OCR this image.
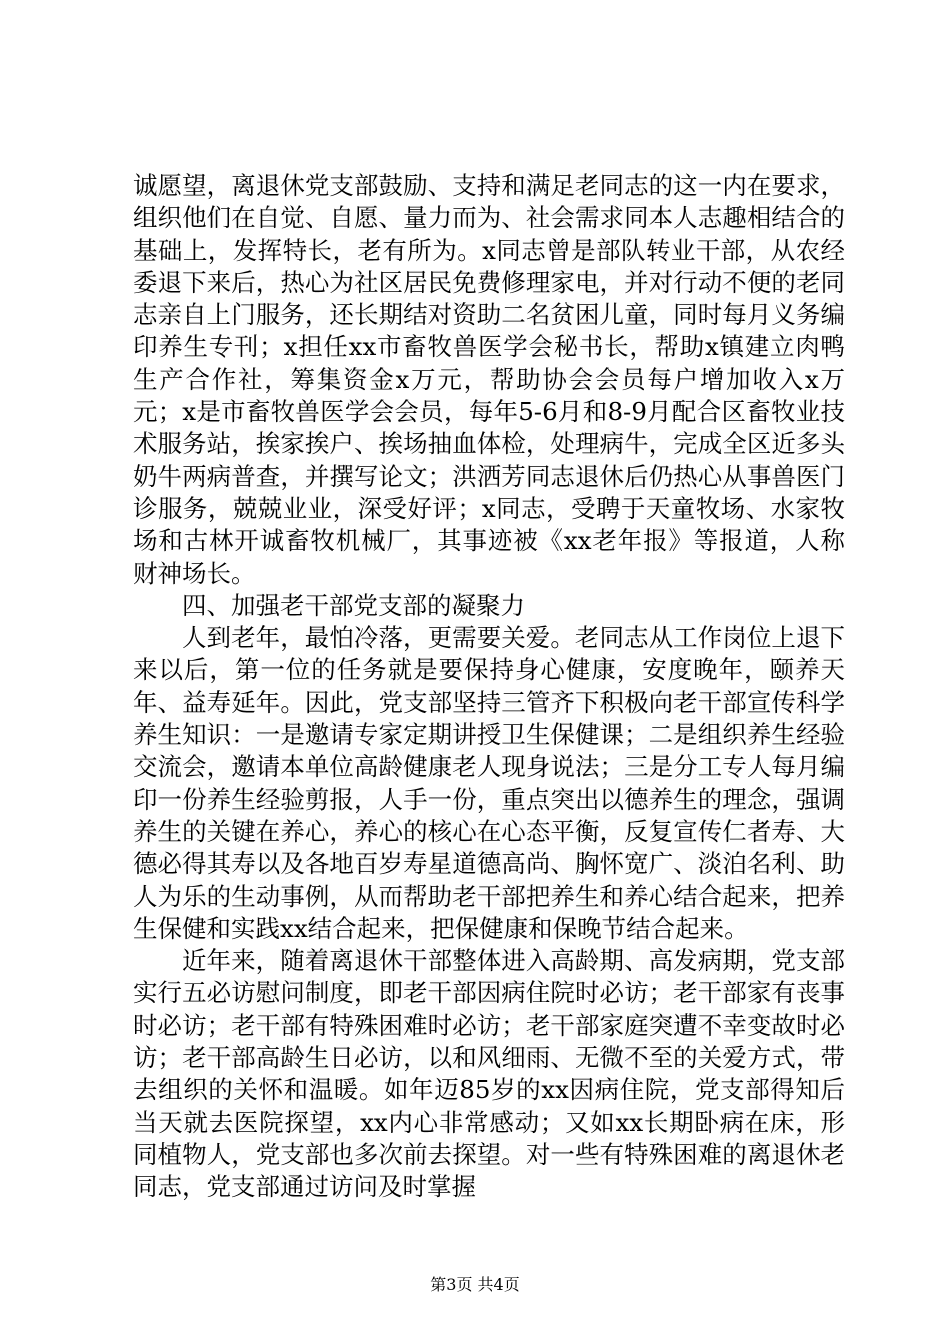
诚愿望，离退休党支部鼓励、支持和满足老同志的这一内在要求，组织他们在自觉、自愿、量力而为、社会需求同本人志趣相结合的基础上，发挥特长，老有所为。x同志曾是部队转业干部，从农经委退下来后，热心为社区居民免费修理家电，并对行动不便的老同志亲自上门服务，还长期结对资助二名贫困儿童，同时每月义务编印养生专刊；x担任xx市畜牧兽医学会秘书长，帮助x镇建立肉鸭生产合作社，筹集资金x万元，帮助协会会员每户增加收入x万元；x是市畜牧兽医学会会员，每年5-6月和8-9月配合区畜牧业技术服务站，挨家挨户、挨场抽血体检，处理病牛，完成全区近多头奶牛两病普查，并撰写论文；洪洒芳同志退休后仍热心从事兽医门诊服务，兢兢业业，深受好评；x同志，受聘于天童牧场、水家牧场和古林开诚畜牧机械厂，其事迹被《xx老年报》等报道，人称财神场长。

四、加强老干部党支部的凝聚力

人到老年，最怕冷落，更需要关爱。老同志从工作岗位上退下来以后，第一位的任务就是要保持身心健康，安度晚年，颐养天年、益寿延年。因此，党支部坚持三管齐下积极向老干部宣传科学养生知识：一是邀请专家定期讲授卫生保健课；二是组织养生经验交流会，邀请本单位高龄健康老人现身说法；三是分工专人每月编印一份养生经验剪报，人手一份，重点突出以德养生的理念，强调养生的关键在养心，养心的核心在心态平衡，反复宣传仁者寿、大德必得其寿以及各地百岁寿星道德高尚、胸怀宽广、淡泊名利、助人为乐的生动事例，从而帮助老干部把养生和养心结合起来，把养生保健和实践xx结合起来，把保健康和保晚节结合起来。

近年来，随着离退休干部整体进入高龄期、高发病期，党支部实行五必访慰问制度，即老干部因病住院时必访；老干部家有丧事时必访；老干部有特殊困难时必访；老干部家庭突遭不幸变故时必访；老干部高龄生日必访，以和风细雨、无微不至的关爱方式，带去组织的关怀和温暖。如年迈85岁的xx因病住院，党支部得知后当天就去医院探望，xx内心非常感动；又如xx长期卧病在床，形同植物人，党支部也多次前去探望。对一些有特殊困难的离退休老同志，党支部通过访问及时掌握

第3页 共4页
